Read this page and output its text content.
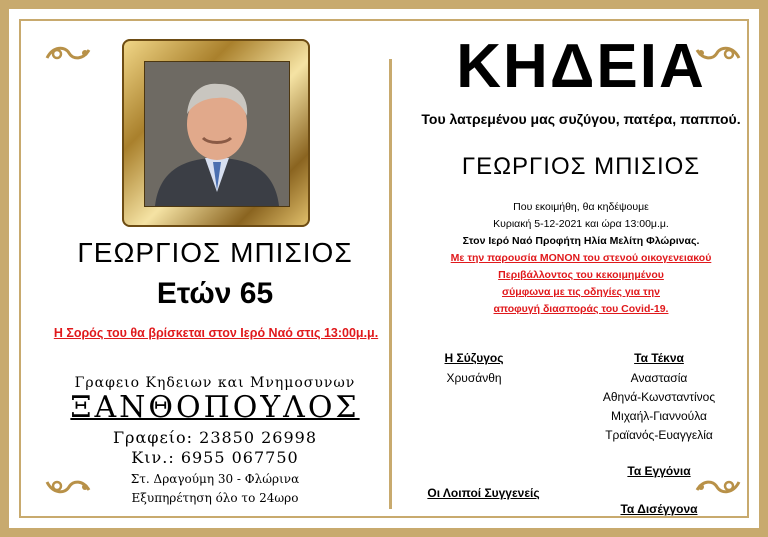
ΓΕΩΡΓΙΟΣ ΜΠΙΣΙΟΣ
Ετών 65
Η Σορός του θα βρίσκεται στον Ιερό Ναό στις 13:00μ.μ.
Γραφειο Κηδειων και Μνημοσυνων
ΞΑΝΘΟΠΟΥΛΟΣ
Γραφείο: 23850 26998
Κιν.: 6955 067750
Στ. Δραγούμη 30 - Φλώρινα
Εξυπηρέτηση όλο το 24ωρο
ΚΗΔΕΙΑ
Του λατρεμένου μας συζύγου, πατέρα, παππού.
ΓΕΩΡΓΙΟΣ ΜΠΙΣΙΟΣ
Που εκοιμήθη, θα κηδέψουμε
Κυριακή 5-12-2021 και ώρα 13:00μ.μ.
Στον Ιερό Ναό Προφήτη Ηλία Μελίτη Φλώρινας.
Με την παρουσία ΜΟΝΟΝ του στενού οικογενειακού
Περιβάλλοντος του κεκοιμημένου
σύμφωνα με τις οδηγίες για την
αποφυγή διασποράς του Covid-19.
Η Σύζυγος
Χρυσάνθη
Τα Τέκνα
Αναστασία
Αθηνά-Κωνσταντίνος
Μιχαήλ-Γιαννούλα
Τραϊανός-Ευαγγελία
Τα Εγγόνια
Οι Λοιποί Συγγενείς
Τα Δισέγγονα
